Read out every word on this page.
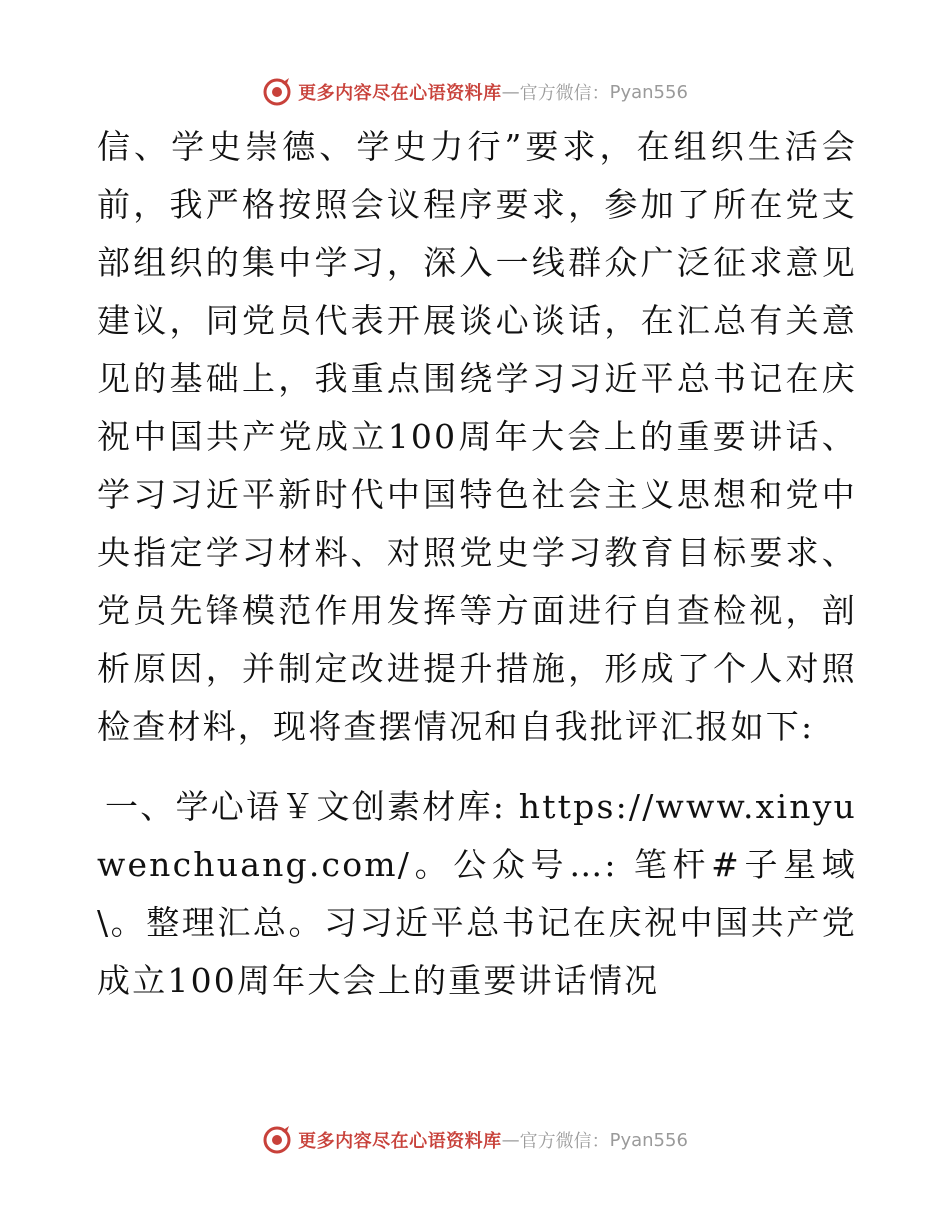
更多内容尽在心语资料库 — 官方微信： Pyan556

信、学史崇德、学史力行”要求，在组织生活会前，我严格按照会议程序要求，参加了所在党支部组织的集中学习，深入一线群众广泛征求意见建议，同党员代表开展谈心谈话，在汇总有关意见的基础上，我重点围绕学习习近平总书记在庆祝中国共产党成立100周年大会上的重要讲话、学习习近平新时代中国特色社会主义思想和党中央指定学习材料、对照党史学习教育目标要求、党员先锋模范作用发挥等方面进行自查检视，剖析原因，并制定改进提升措施，形成了个人对照检查材料，现将查摆情况和自我批评汇报如下:

一、学心语￥文创素材库: https://www.xinyuwenchuang.com/。公众号…: 笔杆#子星域\。整理汇总。习习近平总书记在庆祝中国共产党成立100周年大会上的重要讲话情况

更多内容尽在心语资料库 — 官方微信： Pyan556
